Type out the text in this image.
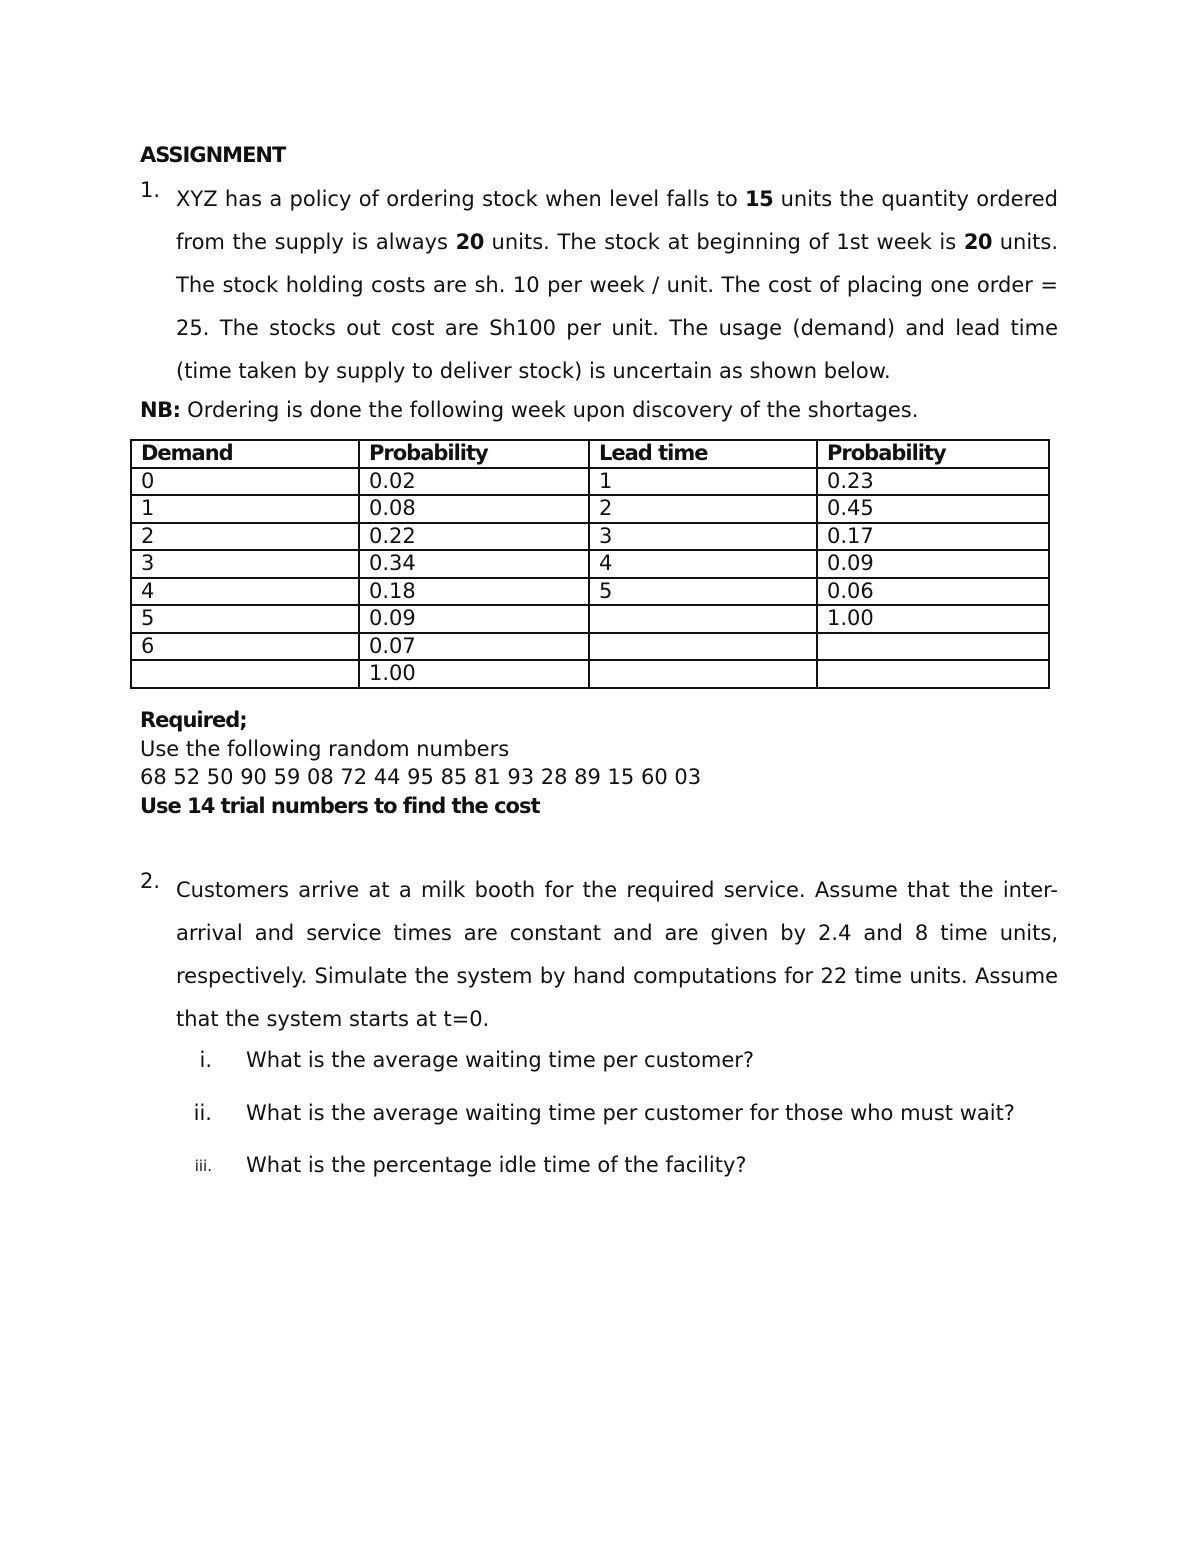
ASSIGNMENT
1. XYZ has a policy of ordering stock when level falls to 15 units the quantity ordered from the supply is always 20 units. The stock at beginning of 1st week is 20 units. The stock holding costs are sh. 10 per week / unit. The cost of placing one order = 25. The stocks out cost are Sh100 per unit. The usage (demand) and lead time (time taken by supply to deliver stock) is uncertain as shown below.
NB: Ordering is done the following week upon discovery of the shortages.
Demand	Probability	Lead time	Probability
0	0.02	1	0.23
1	0.08	2	0.45
2	0.22	3	0.17
3	0.34	4	0.09
4	0.18	5	0.06
5	0.09		1.00
6	0.07		
	1.00		
Required;
Use the following random numbers
68 52 50 90 59 08 72 44 95 85 81 93 28 89 15 60 03
Use 14 trial numbers to find the cost
2. Customers arrive at a milk booth for the required service. Assume that the inter-arrival and service times are constant and are given by 2.4 and 8 time units, respectively. Simulate the system by hand computations for 22 time units. Assume that the system starts at t=0.
i. What is the average waiting time per customer?
ii. What is the average waiting time per customer for those who must wait?
iii. What is the percentage idle time of the facility?
